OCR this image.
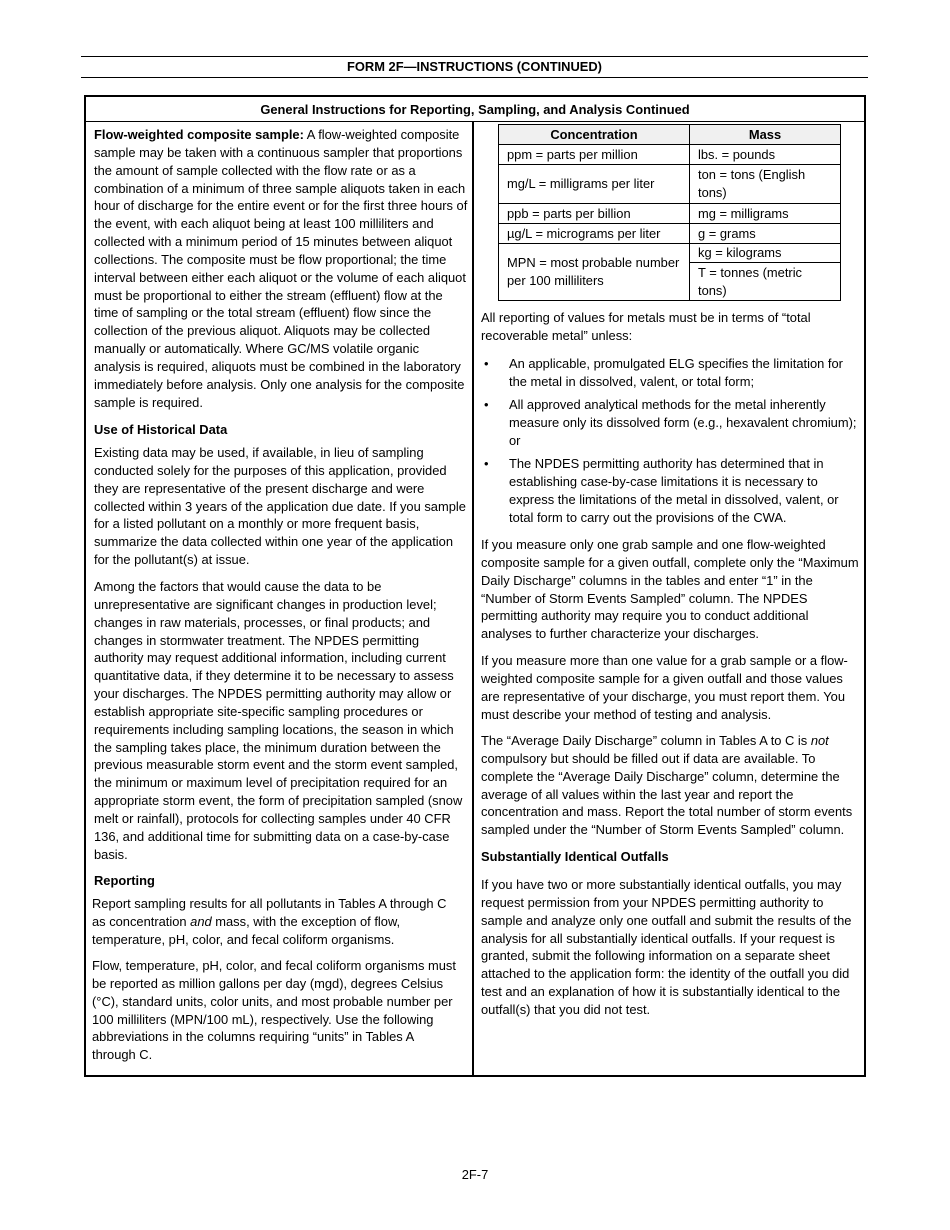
FORM 2F—INSTRUCTIONS (CONTINUED)
General Instructions for Reporting, Sampling, and Analysis Continued
Flow-weighted composite sample: A flow-weighted composite
sample may be taken with a continuous sampler that proportions
the amount of sample collected with the flow rate or as a
combination of a minimum of three sample aliquots taken in each
hour of discharge for the entire event or for the first three hours of
the event, with each aliquot being at least 100 milliliters and
collected with a minimum period of 15 minutes between aliquot
collections. The composite must be flow proportional; the time
interval between either each aliquot or the volume of each aliquot
must be proportional to either the stream (effluent) flow at the
time of sampling or the total stream (effluent) flow since the
collection of the previous aliquot. Aliquots may be collected
manually or automatically. Where GC/MS volatile organic
analysis is required, aliquots must be combined in the laboratory
immediately before analysis. Only one analysis for the composite
sample is required.
Use of Historical Data
Existing data may be used, if available, in lieu of sampling
conducted solely for the purposes of this application, provided
they are representative of the present discharge and were
collected within 3 years of the application due date. If you sample
for a listed pollutant on a monthly or more frequent basis,
summarize the data collected within one year of the application
for the pollutant(s) at issue.
Among the factors that would cause the data to be
unrepresentative are significant changes in production level;
changes in raw materials, processes, or final products; and
changes in stormwater treatment. The NPDES permitting
authority may request additional information, including current
quantitative data, if they determine it to be necessary to assess
your discharges. The NPDES permitting authority may allow or
establish appropriate site-specific sampling procedures or
requirements including sampling locations, the season in which
the sampling takes place, the minimum duration between the
previous measurable storm event and the storm event sampled,
the minimum or maximum level of precipitation required for an
appropriate storm event, the form of precipitation sampled (snow
melt or rainfall), protocols for collecting samples under 40 CFR
136, and additional time for submitting data on a case-by-case
basis.
Reporting
Report sampling results for all pollutants in Tables A through C
as concentration and mass, with the exception of flow,
temperature, pH, color, and fecal coliform organisms.
Flow, temperature, pH, color, and fecal coliform organisms must
be reported as million gallons per day (mgd), degrees Celsius
(°C), standard units, color units, and most probable number per
100 milliliters (MPN/100 mL), respectively. Use the following
abbreviations in the columns requiring “units” in Tables A
through C.
Concentration	Mass
ppm = parts per million	lbs. = pounds
mg/L = milligrams per liter	ton = tons (English
tons)
ppb = parts per billion	mg = milligrams
µg/L = micrograms per liter	g = grams
MPN = most probable number
per 100 milliliters	kg = kilograms
	T = tonnes (metric
tons)
All reporting of values for metals must be in terms of “total
recoverable metal” unless:
• An applicable, promulgated ELG specifies the limitation for
the metal in dissolved, valent, or total form;
• All approved analytical methods for the metal inherently
measure only its dissolved form (e.g., hexavalent chromium);
or
• The NPDES permitting authority has determined that in
establishing case-by-case limitations it is necessary to
express the limitations of the metal in dissolved, valent, or
total form to carry out the provisions of the CWA.
If you measure only one grab sample and one flow-weighted
composite sample for a given outfall, complete only the “Maximum
Daily Discharge” columns in the tables and enter “1” in the
“Number of Storm Events Sampled” column. The NPDES
permitting authority may require you to conduct additional
analyses to further characterize your discharges.
If you measure more than one value for a grab sample or a flow-
weighted composite sample for a given outfall and those values
are representative of your discharge, you must report them. You
must describe your method of testing and analysis.
The “Average Daily Discharge” column in Tables A to C is not
compulsory but should be filled out if data are available. To
complete the “Average Daily Discharge” column, determine the
average of all values within the last year and report the
concentration and mass. Report the total number of storm events
sampled under the “Number of Storm Events Sampled” column.
Substantially Identical Outfalls
If you have two or more substantially identical outfalls, you may
request permission from your NPDES permitting authority to
sample and analyze only one outfall and submit the results of the
analysis for all substantially identical outfalls. If your request is
granted, submit the following information on a separate sheet
attached to the application form: the identity of the outfall you did
test and an explanation of how it is substantially identical to the
outfall(s) that you did not test.
2F-7
